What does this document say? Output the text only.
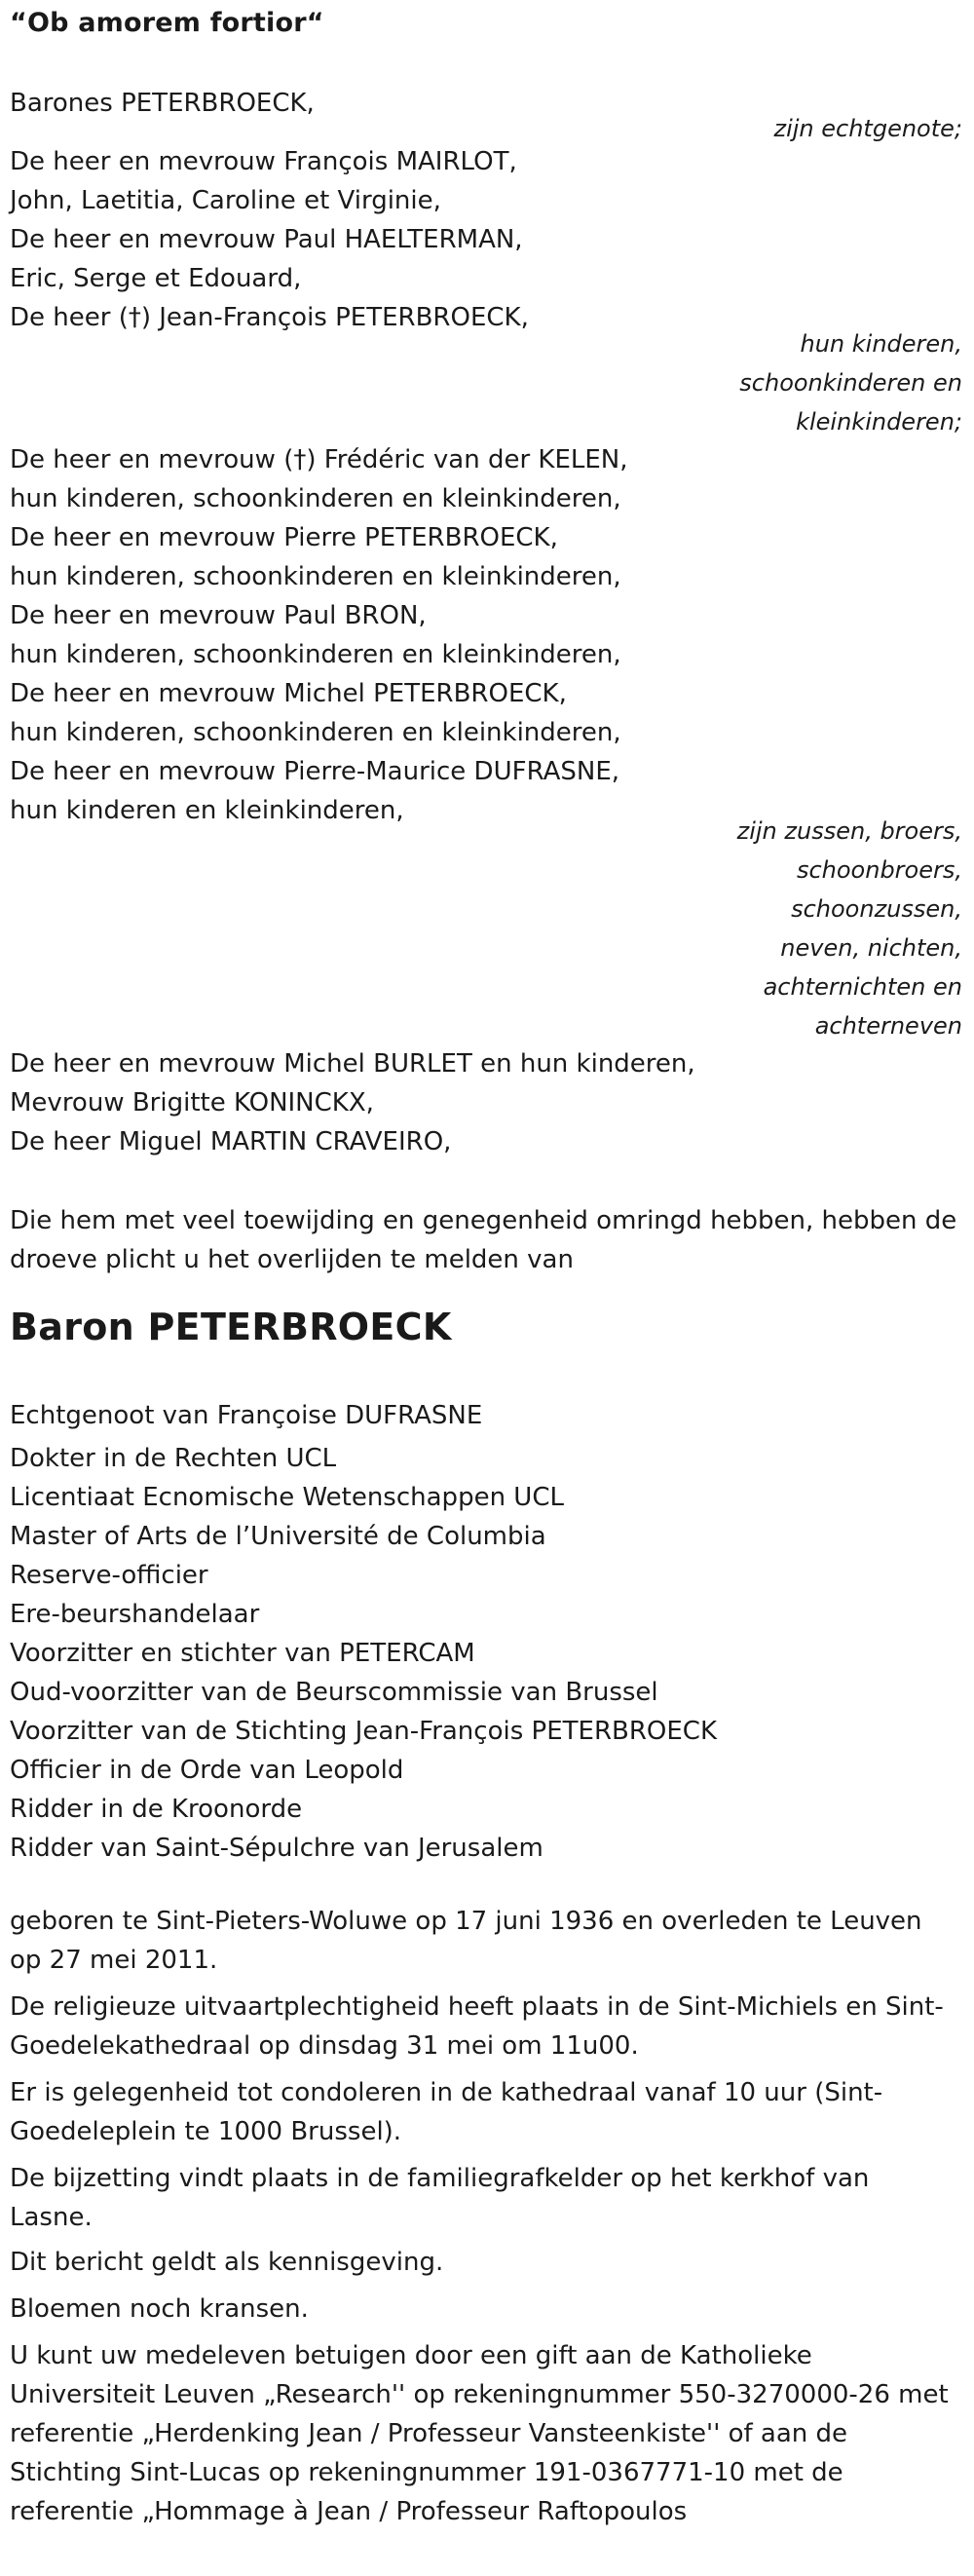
“Ob amorem fortior“
Barones PETERBROECK,
zijn echtgenote;
De heer en mevrouw François MAIRLOT,
John, Laetitia, Caroline et Virginie,
De heer en mevrouw Paul HAELTERMAN,
Eric, Serge et Edouard,
De heer (†) Jean-François PETERBROECK,
hun kinderen,
schoonkinderen en
kleinkinderen;
De heer en mevrouw (†) Frédéric van der KELEN,
hun kinderen, schoonkinderen en kleinkinderen,
De heer en mevrouw Pierre PETERBROECK,
hun kinderen, schoonkinderen en kleinkinderen,
De heer en mevrouw Paul BRON,
hun kinderen, schoonkinderen en kleinkinderen,
De heer en mevrouw Michel PETERBROECK,
hun kinderen, schoonkinderen en kleinkinderen,
De heer en mevrouw Pierre-Maurice DUFRASNE,
hun kinderen en kleinkinderen,
zijn zussen, broers,
schoonbroers,
schoonzussen,
neven, nichten,
achternichten en
achterneven
De heer en mevrouw Michel BURLET en hun kinderen,
Mevrouw Brigitte KONINCKX,
De heer Miguel MARTIN CRAVEIRO,
Die hem met veel toewijding en genegenheid omringd hebben, hebben de droeve plicht u het overlijden te melden van
Baron PETERBROECK
Echtgenoot van Françoise DUFRASNE
Dokter in de Rechten UCL
Licentiaat Ecnomische Wetenschappen UCL
Master of Arts de l’Université de Columbia
Reserve-officier
Ere-beurshandelaar
Voorzitter en stichter van PETERCAM
Oud-voorzitter van de Beurscommissie van Brussel
Voorzitter van de Stichting Jean-François PETERBROECK
Officier in de Orde van Leopold
Ridder in de Kroonorde
Ridder van Saint-Sépulchre van Jerusalem
geboren te Sint-Pieters-Woluwe op 17 juni 1936 en overleden te Leuven op 27 mei 2011.
De religieuze uitvaartplechtigheid heeft plaats in de Sint-Michiels en Sint-Goedelekathedraal op dinsdag 31 mei om 11u00.
Er is gelegenheid tot condoleren in de kathedraal vanaf 10 uur (Sint-Goedeleplein te 1000 Brussel).
De bijzetting vindt plaats in de familiegrafkelder op het kerkhof van Lasne.
Dit bericht geldt als kennisgeving.
Bloemen noch kransen.
U kunt uw medeleven betuigen door een gift aan de Katholieke Universiteit Leuven „Research'' op rekeningnummer 550-3270000-26 met referentie „Herdenking Jean / Professeur Vansteenkiste'' of aan de Stichting Sint-Lucas op rekeningnummer 191-0367771-10 met de referentie „Hommage à Jean / Professeur Raftopoulos
